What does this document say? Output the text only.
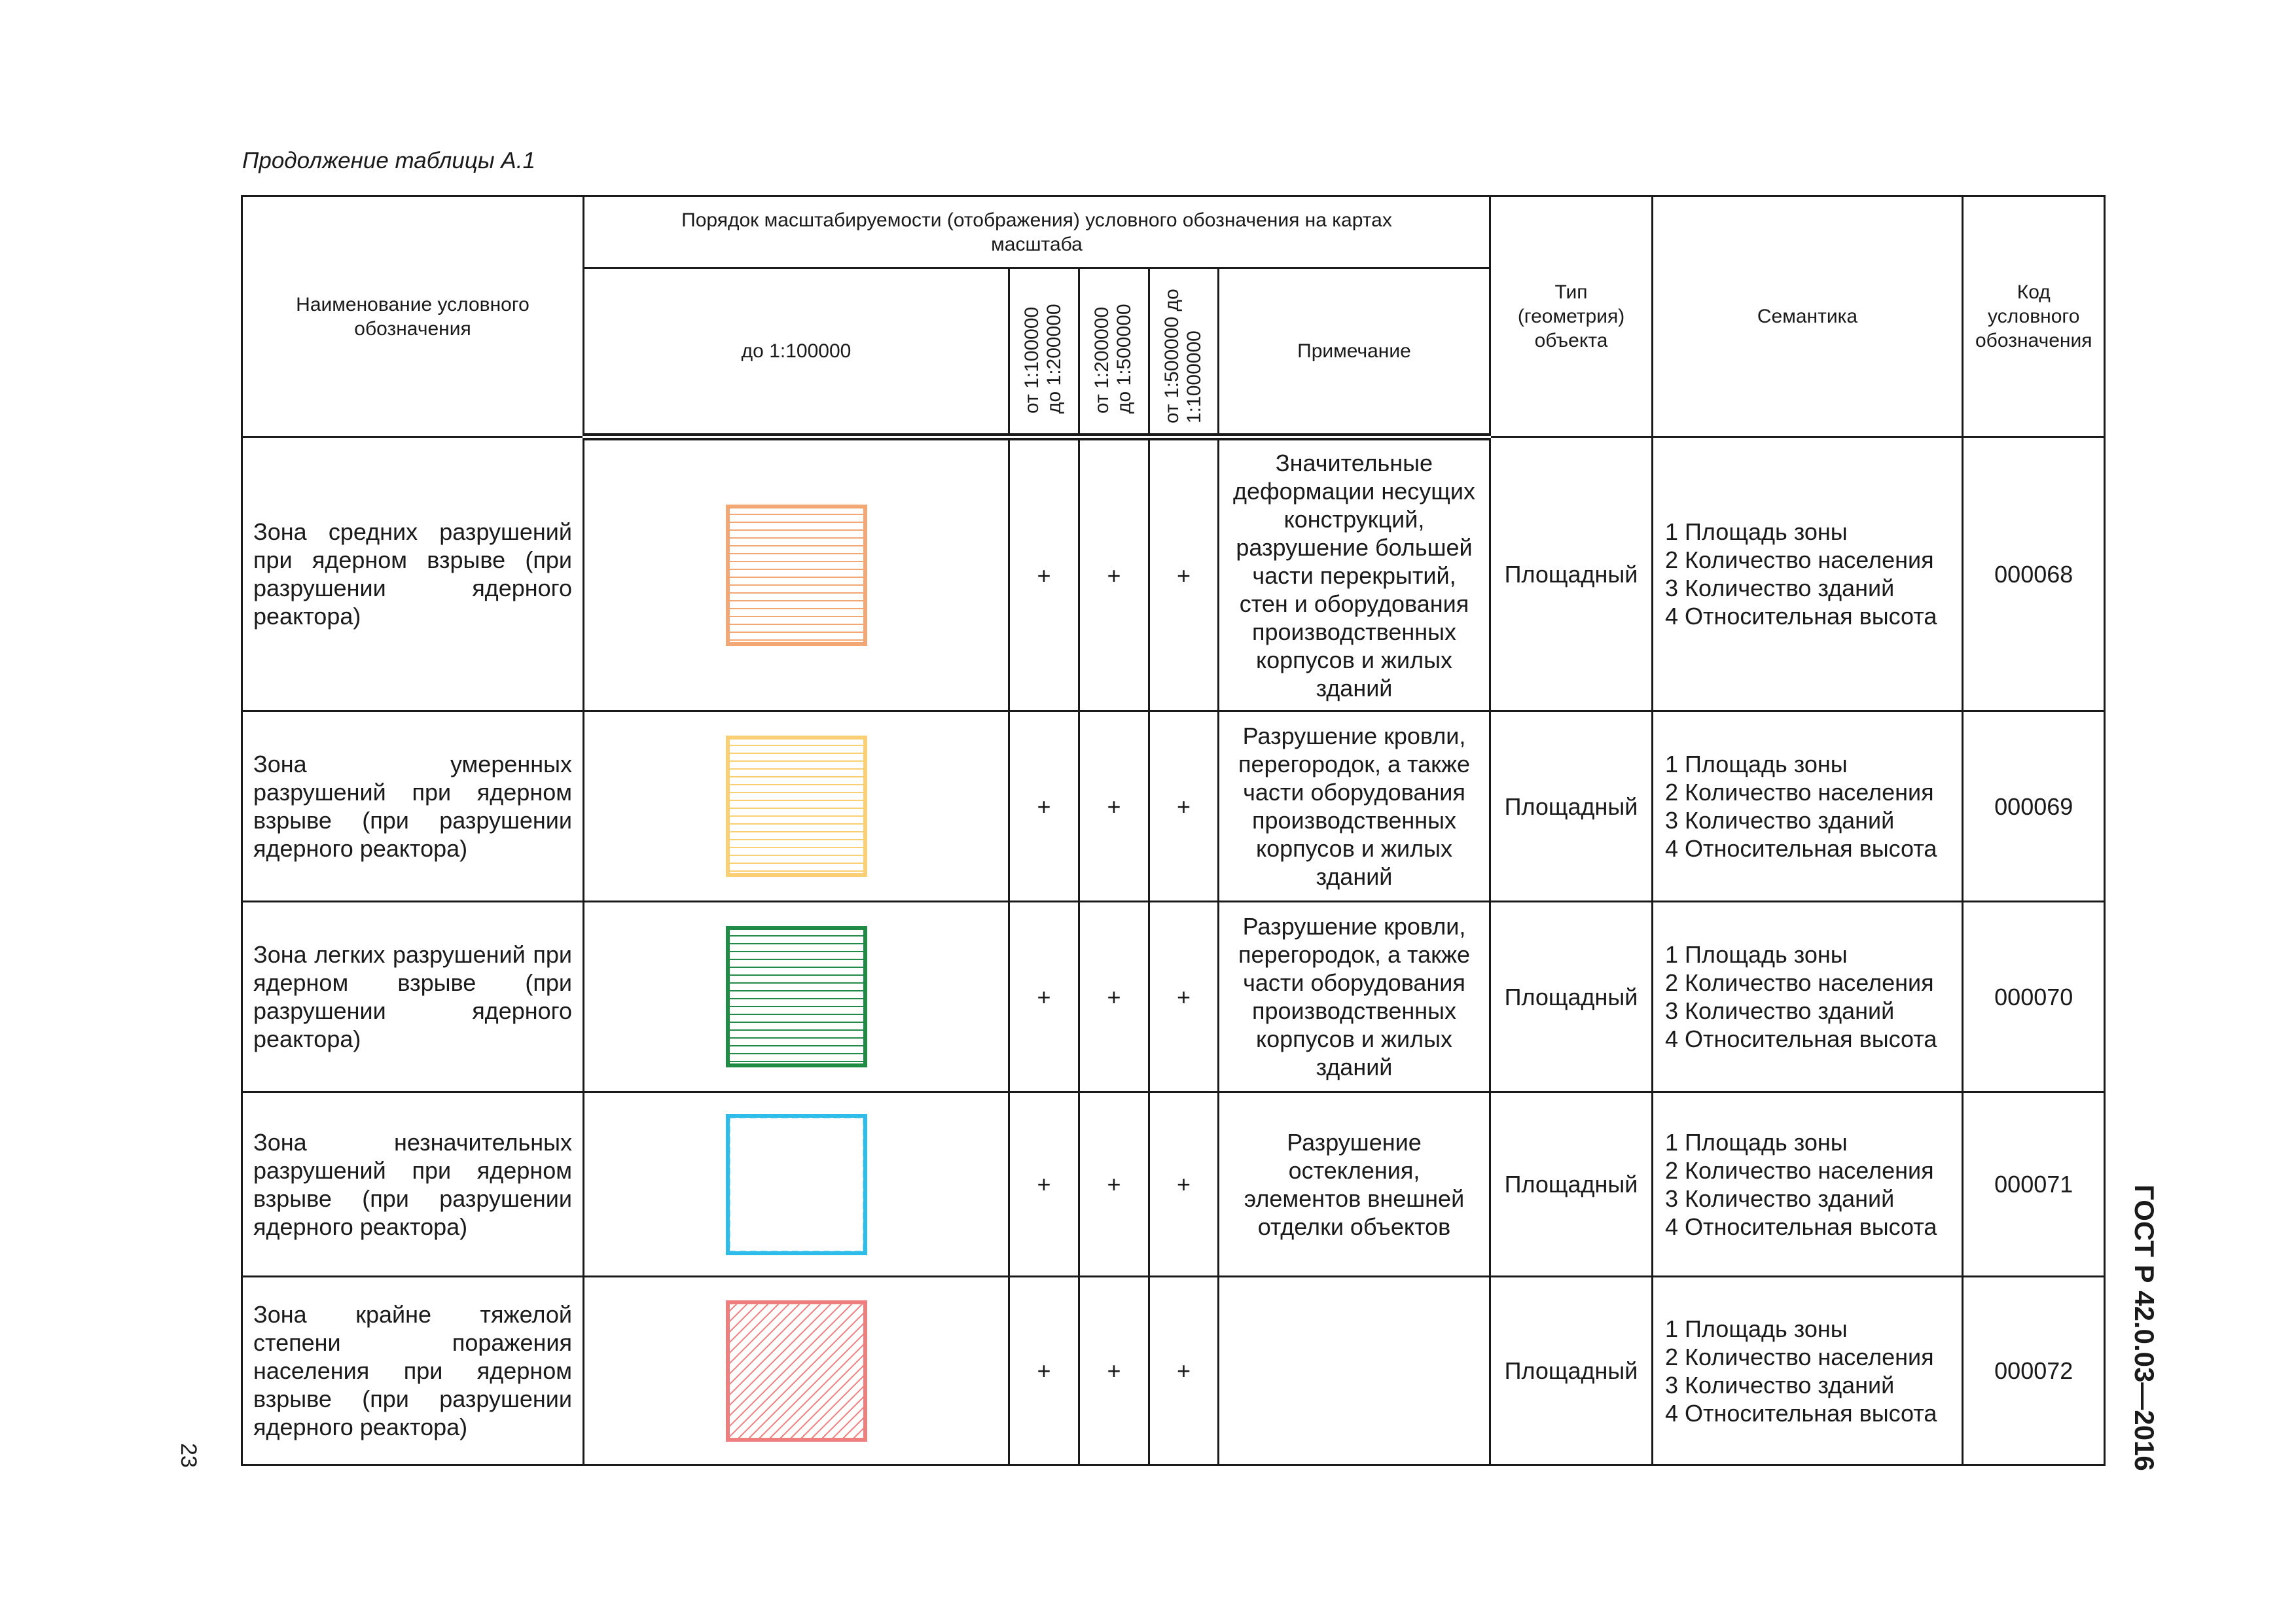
Продолжение таблицы А.1
Наименование условного обозначения	Порядок масштабируемости (отображения) условного обозначения на картах масштаба					Тип (геометрия) объекта	Семантика	Код условного обозначения
	до 1:100000	от 1:100000 до 1:200000	от 1:200000 до 1:500000	от 1:500000 до 1:1000000	Примечание			
Зона средних разрушений при ядерном взрыве (при разрушении ядерного реактора)		+	+	+	Значительные деформации несущих конструкций, разрушение большей части перекрытий, стен и оборудования производственных корпусов и жилых зданий	Площадный	1 Площадь зоны
2 Количество населения
3 Количество зданий
4 Относительная высота	000068
Зона умеренных разрушений при ядерном взрыве (при разрушении ядерного реактора)		+	+	+	Разрушение кровли, перегородок, а также части оборудования производственных корпусов и жилых зданий	Площадный	1 Площадь зоны
2 Количество населения
3 Количество зданий
4 Относительная высота	000069
Зона легких разрушений при ядерном взрыве (при разрушении ядерного реактора)		+	+	+	Разрушение кровли, перегородок, а также части оборудования производственных корпусов и жилых зданий	Площадный	1 Площадь зоны
2 Количество населения
3 Количество зданий
4 Относительная высота	000070
Зона незначительных разрушений при ядерном взрыве (при разрушении ядерного реактора)		+	+	+	Разрушение остекления, элементов внешней отделки объектов	Площадный	1 Площадь зоны
2 Количество населения
3 Количество зданий
4 Относительная высота	000071
Зона крайне тяжелой степени поражения населения при ядерном взрыве (при разрушении ядерного реактора)		+	+	+		Площадный	1 Площадь зоны
2 Количество населения
3 Количество зданий
4 Относительная высота	000072
23	ГОСТ Р 42.0.03—2016
